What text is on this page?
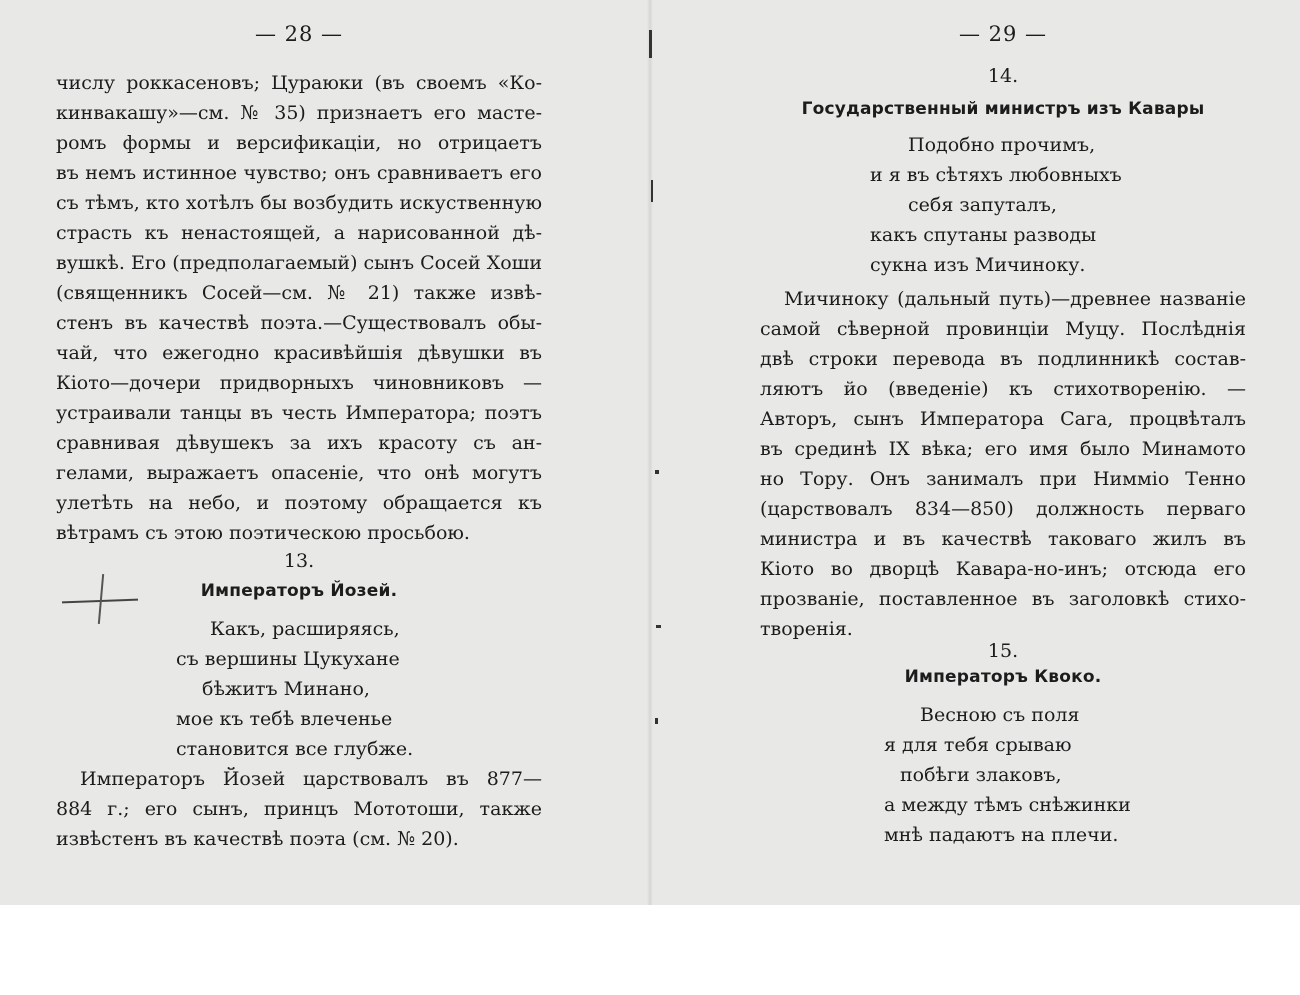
— 28 —
числу роккасеновъ; Цураюки (въ своемъ «Ко-
кинвакашу»—см. № 35) признаетъ его масте-
ромъ формы и версификаціи, но отрицаетъ
въ немъ истинное чувство; онъ сравниваетъ его
съ тѣмъ, кто хотѣлъ бы возбудить искуственную
страсть къ ненастоящей, а нарисованной дѣ-
вушкѣ. Его (предполагаемый) сынъ Сосей Хоши
(священникъ Сосей—см. № 21) также извѣ-
стенъ въ качествѣ поэта.—Существовалъ обы-
чай, что ежегодно красивѣйшія дѣвушки въ
Кіото—дочери придворныхъ чиновниковъ —
устраивали танцы въ честь Императора; поэтъ
сравнивая дѣвушекъ за ихъ красоту съ ан-
гелами, выражаетъ опасеніе, что онѣ могутъ
улетѣть на небо, и поэтому обращается къ
вѣтрамъ съ этою поэтическою просьбою.
13.
Императоръ Йозей.
Какъ, расширяясь,
съ вершины Цукухане
бѣжитъ Минано,
мое къ тебѣ влеченье
становится все глубже.
Императоръ Йозей царствовалъ въ 877—
884 г.; его сынъ, принцъ Мототоши, также
извѣстенъ въ качествѣ поэта (см. № 20).
— 29 —
14.
Государственный министръ изъ Кавары
Подобно прочимъ,
и я въ сѣтяхъ любовныхъ
себя запуталъ,
какъ спутаны разводы
сукна изъ Мичиноку.
Мичиноку (дальный путь)—древнее названіе
самой сѣверной провинціи Муцу. Послѣднія
двѣ строки перевода въ подлинникѣ состав-
ляютъ йо (введеніе) къ стихотворенію. —
Авторъ, сынъ Императора Сага, процвѣталъ
въ срединѣ IX вѣка; его имя было Минамото
но Тору. Онъ занималъ при Нимміо Тенно
(царствовалъ 834—850) должность перваго
министра и въ качествѣ таковаго жилъ въ
Кіото во дворцѣ Кавара-но-инъ; отсюда его
прозваніе, поставленное въ заголовкѣ стихо-
творенія.
15.
Императоръ Квоко.
Весною съ поля
я для тебя срываю
побѣги злаковъ,
а между тѣмъ снѣжинки
мнѣ падаютъ на плечи.
